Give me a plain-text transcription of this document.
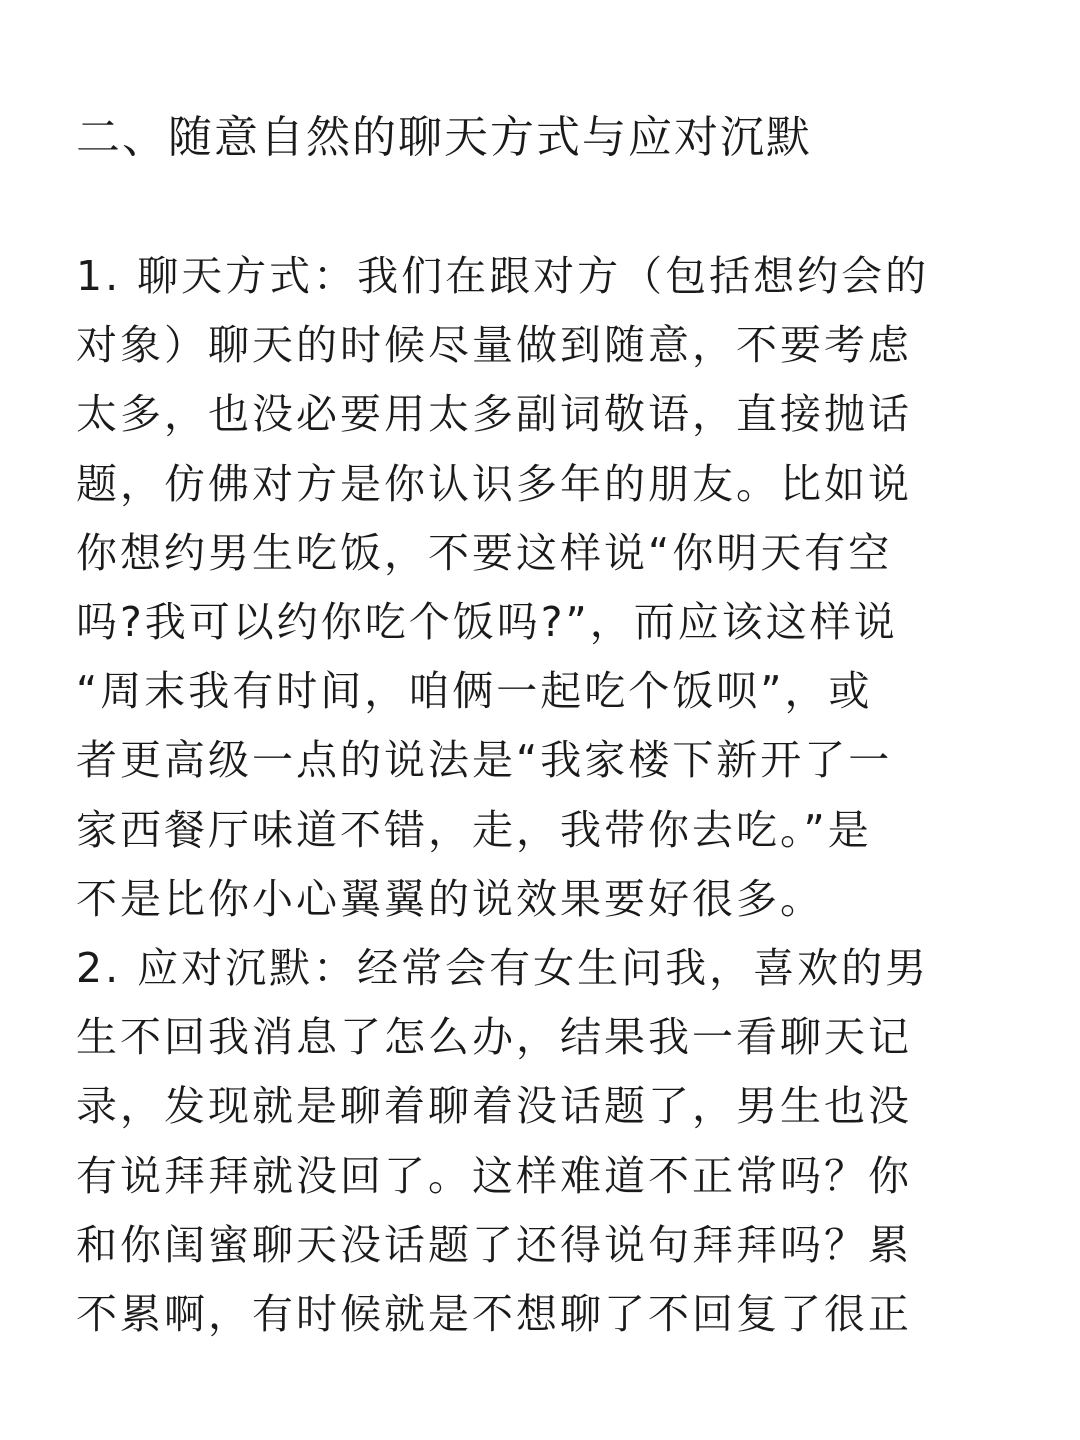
二、随意自然的聊天方式与应对沉默

1. 聊天方式：我们在跟对方（包括想约会的
对象）聊天的时候尽量做到随意，不要考虑
太多，也没必要用太多副词敬语，直接抛话
题，仿佛对方是你认识多年的朋友。比如说
你想约男生吃饭，不要这样说“你明天有空
吗?我可以约你吃个饭吗?”，而应该这样说
“周末我有时间，咱俩一起吃个饭呗”，或
者更高级一点的说法是“我家楼下新开了一
家西餐厅味道不错，走，我带你去吃。”是
不是比你小心翼翼的说效果要好很多。

2. 应对沉默：经常会有女生问我，喜欢的男
生不回我消息了怎么办，结果我一看聊天记
录，发现就是聊着聊着没话题了，男生也没
有说拜拜就没回了。这样难道不正常吗？你
和你闺蜜聊天没话题了还得说句拜拜吗？累
不累啊，有时候就是不想聊了不回复了很正
